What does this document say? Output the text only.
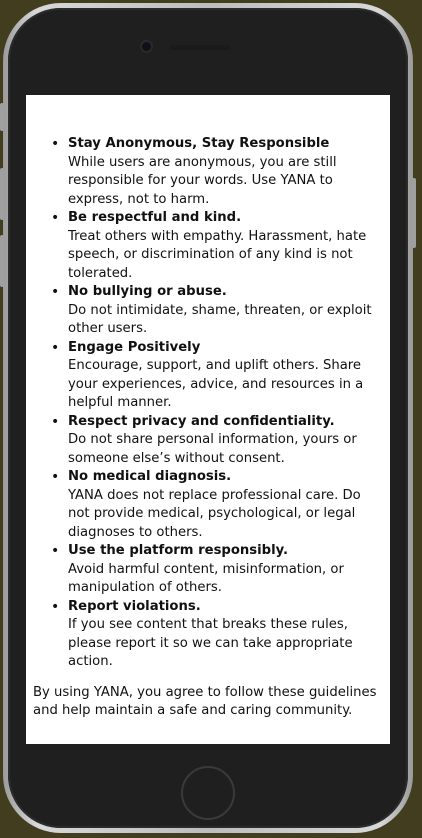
• Stay Anonymous, Stay Responsible
While users are anonymous, you are still responsible for your words. Use YANA to express, not to harm.
• Be respectful and kind.
Treat others with empathy. Harassment, hate speech, or discrimination of any kind is not tolerated.
• No bullying or abuse.
Do not intimidate, shame, threaten, or exploit other users.
• Engage Positively
Encourage, support, and uplift others. Share your experiences, advice, and resources in a helpful manner.
• Respect privacy and confidentiality.
Do not share personal information, yours or someone else’s without consent.
• No medical diagnosis.
YANA does not replace professional care. Do not provide medical, psychological, or legal diagnoses to others.
• Use the platform responsibly.
Avoid harmful content, misinformation, or manipulation of others.
• Report violations.
If you see content that breaks these rules, please report it so we can take appropriate action.
By using YANA, you agree to follow these guidelines and help maintain a safe and caring community.
